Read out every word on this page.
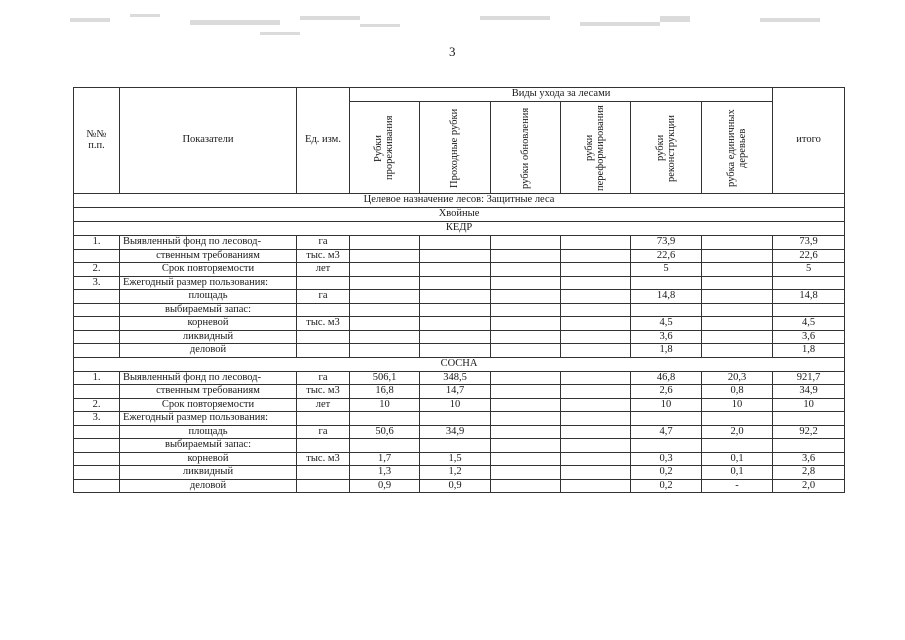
3
№№ п.п.	Показатели	Ед. изм.	Виды ухода за лесами						итого

			Рубки прореживания	Проходные рубки	рубки обновления	рубки переформирования	рубки реконструкции	рубка единичных деревьев	

Целевое назначение лесов: Защитные леса									
Хвойные									
КЕДР									
1.	Выявленный фонд по лесовод-	га					73,9		73,9
	ственным требованиям	тыс. м3					22,6		22,6
2.	Срок повторяемости	лет					5		5
3.	Ежегодный размер пользования:								
	площадь	га					14,8		14,8
	выбираемый запас:								
	корневой	тыс. м3					4,5		4,5
	ликвидный						3,6		3,6
	деловой						1,8		1,8
СОСНА									
1.	Выявленный фонд по лесовод-	га	506,1	348,5			46,8	20,3	921,7
	ственным требованиям	тыс. м3	16,8	14,7			2,6	0,8	34,9
2.	Срок повторяемости	лет	10	10			10	10	10
3.	Ежегодный размер пользования:								
	площадь	га	50,6	34,9			4,7	2,0	92,2
	выбираемый запас:								
	корневой	тыс. м3	1,7	1,5			0,3	0,1	3,6
	ликвидный		1,3	1,2			0,2	0,1	2,8
	деловой		0,9	0,9			0,2	-	2,0
